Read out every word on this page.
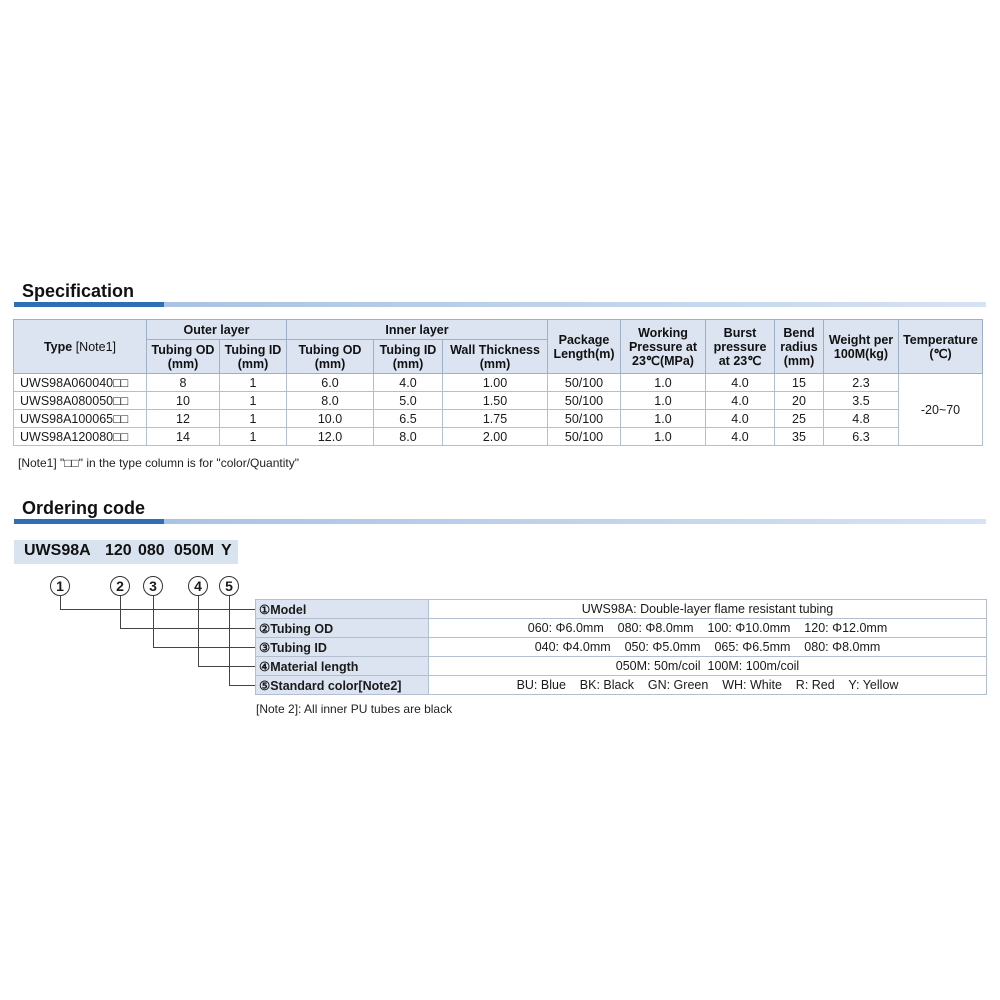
Specification
Type [Note1]	Outer layer		Inner layer			Package Length(m)	Working Pressure at 23℃(MPa)	Burst pressure at 23℃	Bend radius (mm)	Weight per 100M(kg)	Temperature (℃)
	Tubing OD (mm)	Tubing ID (mm)	Tubing OD (mm)	Tubing ID (mm)	Wall Thickness (mm)						
UWS98A060040□□	8	1	6.0	4.0	1.00	50/100	1.0	4.0	15	2.3	-20~70
UWS98A080050□□	10	1	8.0	5.0	1.50	50/100	1.0	4.0	20	3.5	
UWS98A100065□□	12	1	10.0	6.5	1.75	50/100	1.0	4.0	25	4.8	
UWS98A120080□□	14	1	12.0	8.0	2.00	50/100	1.0	4.0	35	6.3	
[Note1] "□□" in the type column is for "color/Quantity"
Ordering code
UWS98A 120 080 050M Y
1	2	3	4	5
①Model	UWS98A: Double-layer flame resistant tubing
②Tubing OD	060: Φ6.0mm    080: Φ8.0mm    100: Φ10.0mm    120: Φ12.0mm
③Tubing ID	040: Φ4.0mm    050: Φ5.0mm    065: Φ6.5mm    080: Φ8.0mm
④Material length	050M: 50m/coil  100M: 100m/coil
⑤Standard color[Note2]	BU: Blue    BK: Black    GN: Green    WH: White    R: Red    Y: Yellow
[Note 2]: All inner PU tubes are black
